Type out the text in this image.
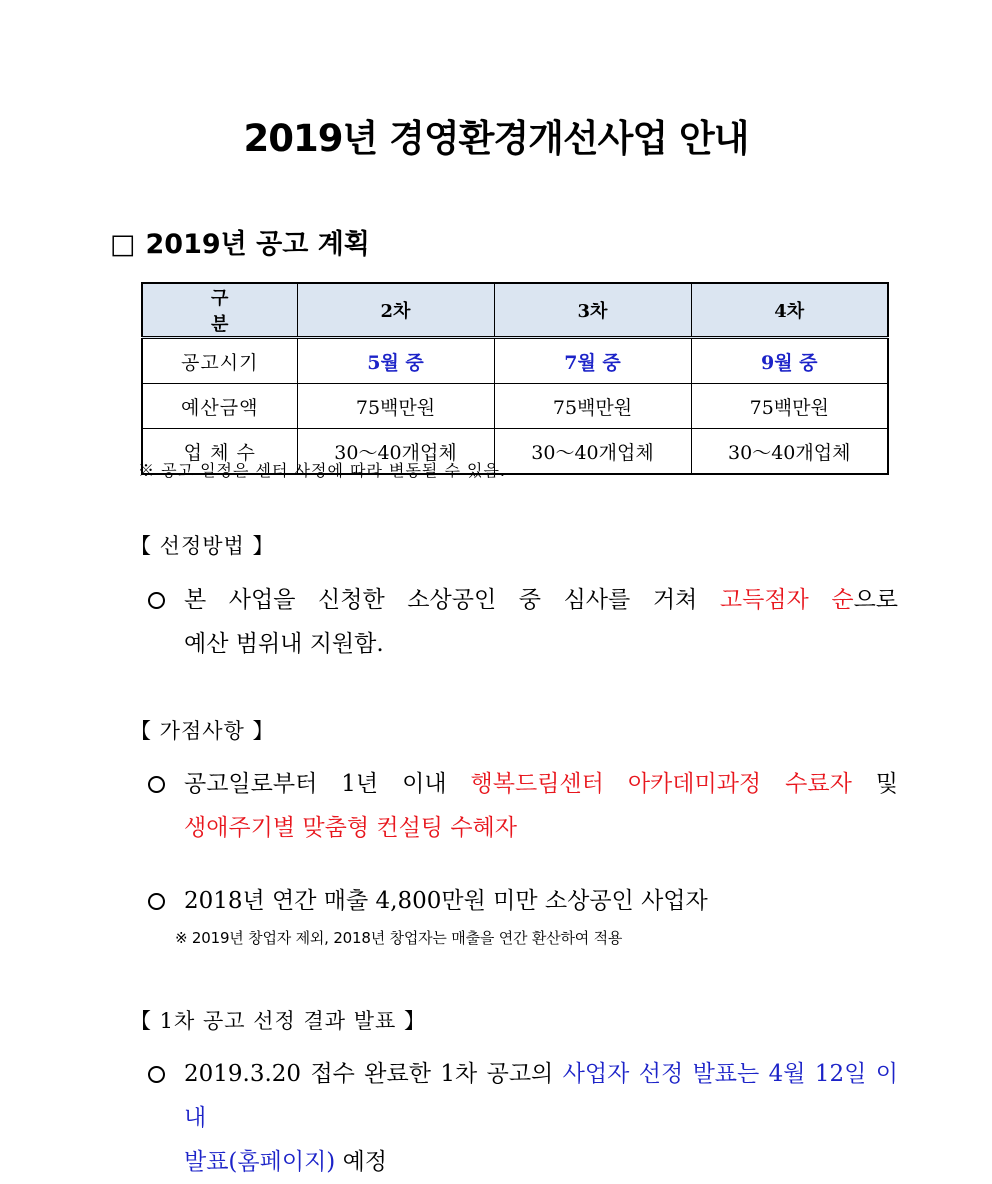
2019년 경영환경개선사업 안내
□ 2019년 공고 계획
구 분	2차	3차	4차
공고시기	5월 중	7월 중	9월 중
예산금액	75백만원	75백만원	75백만원
업 체 수	30～40개업체	30～40개업체	30～40개업체
※ 공고 일정은 센터 사정에 따라 변동될 수 있음.
【 선정방법 】
본 사업을 신청한 소상공인 중 심사를 거쳐 고득점자 순으로
예산 범위내 지원함.
【 가점사항 】
공고일로부터 1년 이내 행복드림센터 아카데미과정 수료자 및
생애주기별 맞춤형 컨설팅 수혜자
2018년 연간 매출 4,800만원 미만 소상공인 사업자
※ 2019년 창업자 제외, 2018년 창업자는 매출을 연간 환산하여 적용
【 1차 공고 선정 결과 발표 】
2019.3.20 접수 완료한 1차 공고의 사업자 선정 발표는 4월 12일 이내
발표(홈페이지) 예정
